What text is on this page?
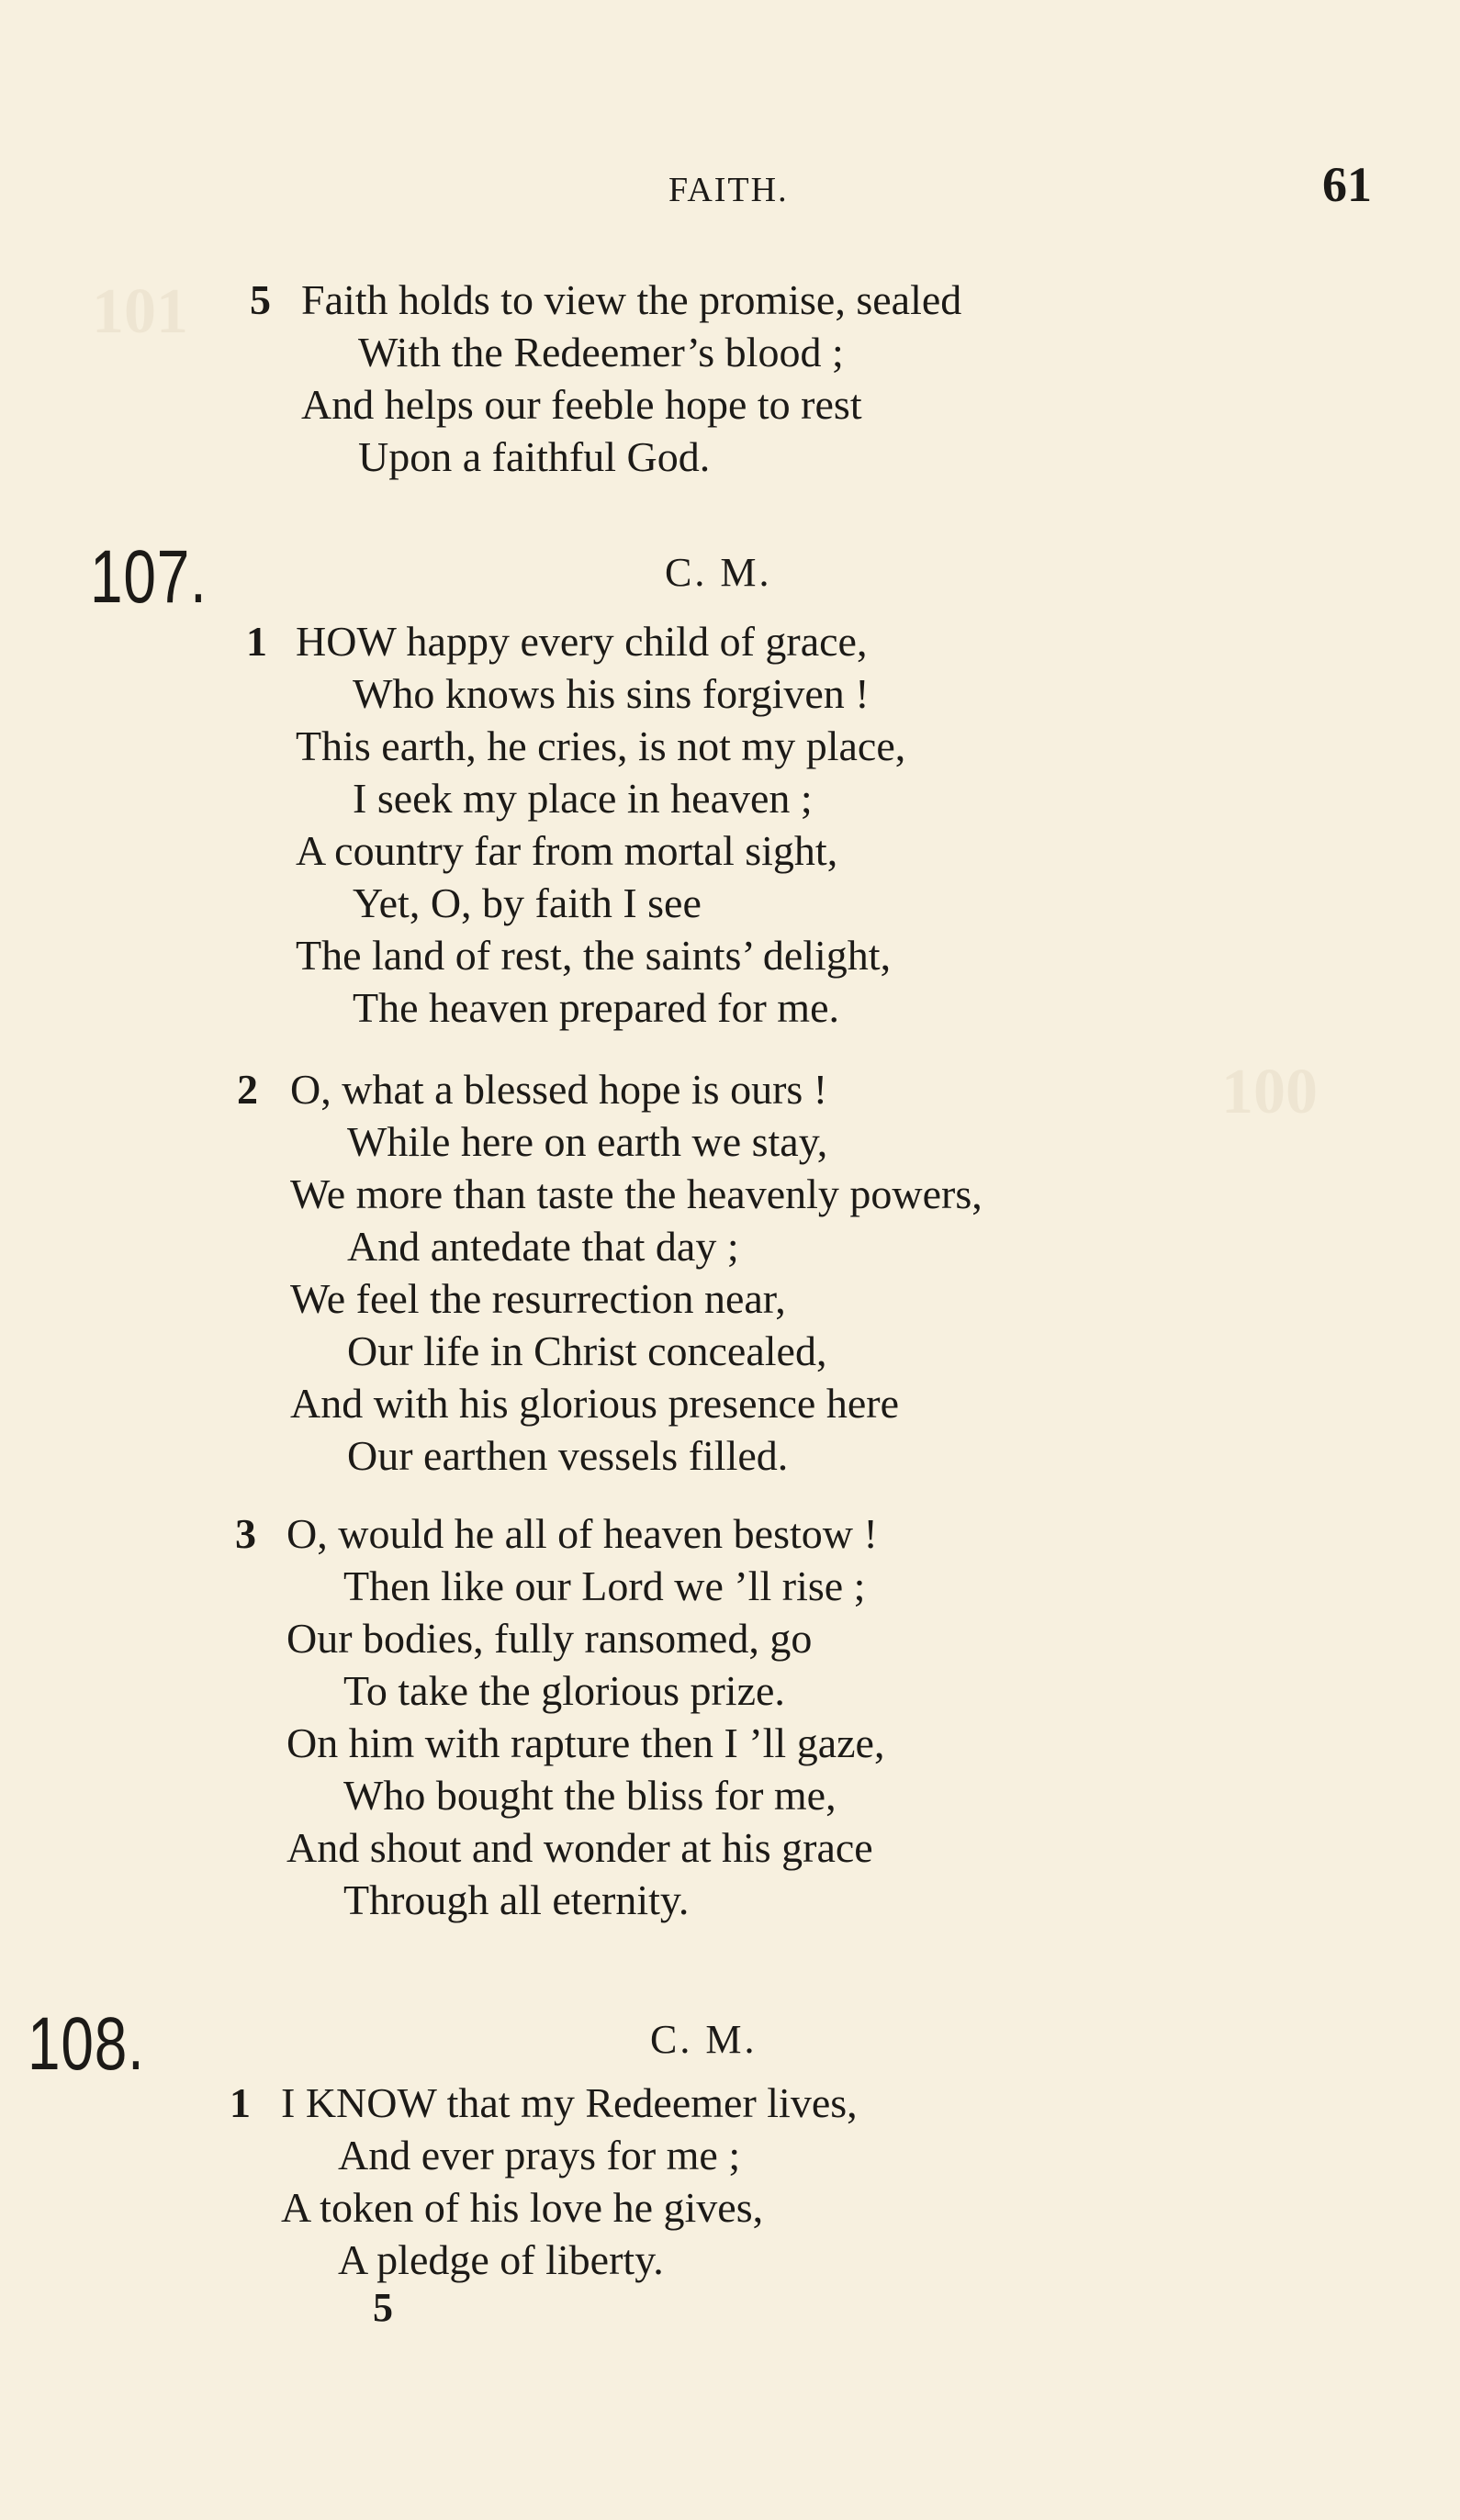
101
100
FAITH.	61
5 Faith holds to view the promise, sealed
With the Redeemer’s blood ;
And helps our feeble hope to rest
Upon a faithful God.
107.	C. M.
1 HOW happy every child of grace,
Who knows his sins forgiven !
This earth, he cries, is not my place,
I seek my place in heaven ;
A country far from mortal sight,
Yet, O, by faith I see
The land of rest, the saints’ delight,
The heaven prepared for me.
2 O, what a blessed hope is ours !
While here on earth we stay,
We more than taste the heavenly powers,
And antedate that day ;
We feel the resurrection near,
Our life in Christ concealed,
And with his glorious presence here
Our earthen vessels filled.
3 O, would he all of heaven bestow !
Then like our Lord we ’ll rise ;
Our bodies, fully ransomed, go
To take the glorious prize.
On him with rapture then I ’ll gaze,
Who bought the bliss for me,
And shout and wonder at his grace
Through all eternity.
108.	C. M.
1 I KNOW that my Redeemer lives,
And ever prays for me ;
A token of his love he gives,
A pledge of liberty.
5
